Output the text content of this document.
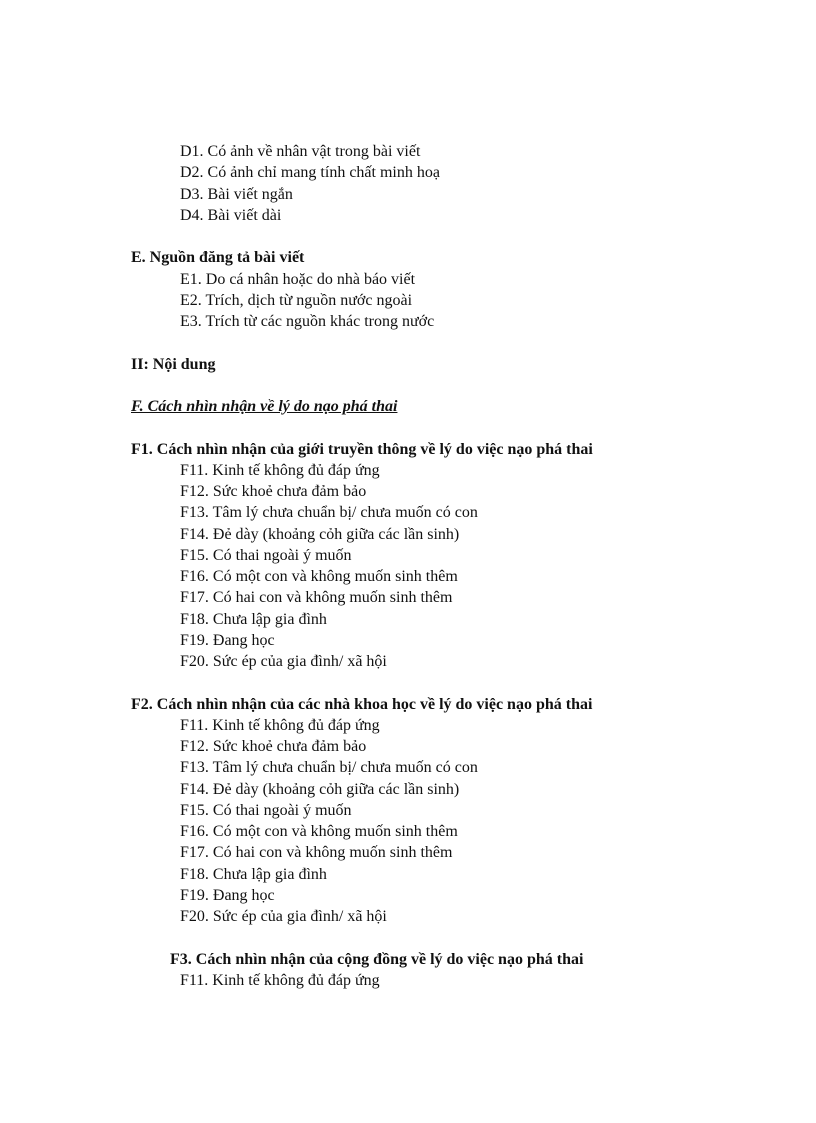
D1. Có ảnh về nhân vật trong bài viết
D2. Có ảnh chỉ mang tính chất minh hoạ
D3. Bài viết ngắn
D4. Bài viết dài
E. Nguồn đăng tả bài viết
E1. Do cá nhân hoặc do nhà báo viết
E2. Trích, dịch từ nguồn nước ngoài
E3. Trích từ các nguồn khác trong nước
II: Nội dung
F. Cách nhìn nhận về lý do nạo phá thai
F1. Cách nhìn nhận của giới truyền thông về lý do việc nạo phá thai
F11. Kinh tế không đủ đáp ứng
F12. Sức khoẻ chưa đảm bảo
F13. Tâm lý chưa chuẩn bị/ chưa muốn có con
F14. Đẻ dày (khoảng cỏh giữa các lần sinh)
F15. Có thai ngoài ý muốn
F16. Có một con và không muốn sinh thêm
F17. Có hai con và không muốn sinh thêm
F18. Chưa lập gia đình
F19. Đang học
F20. Sức ép của gia đình/ xã hội
F2. Cách nhìn nhận của các nhà khoa học về lý do việc nạo phá thai
F11. Kinh tế không đủ đáp ứng
F12. Sức khoẻ chưa đảm bảo
F13. Tâm lý chưa chuẩn bị/ chưa muốn có con
F14. Đẻ dày (khoảng cỏh giữa các lần sinh)
F15. Có thai ngoài ý muốn
F16. Có một con và không muốn sinh thêm
F17. Có hai con và không muốn sinh thêm
F18. Chưa lập gia đình
F19. Đang học
F20. Sức ép của gia đình/ xã hội
F3. Cách nhìn nhận của cộng đồng về lý do việc nạo phá thai
F11. Kinh tế không đủ đáp ứng
